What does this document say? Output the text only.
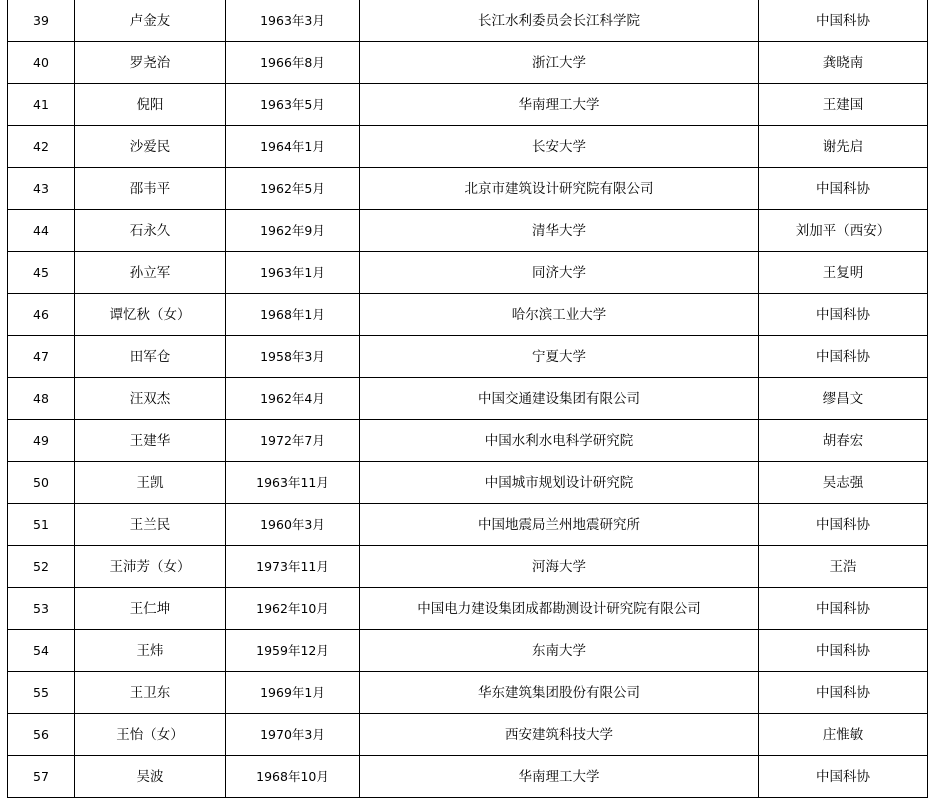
39	卢金友	1963年3月	长江水利委员会长江科学院	中国科协
40	罗尧治	1966年8月	浙江大学	龚晓南
41	倪阳	1963年5月	华南理工大学	王建国
42	沙爱民	1964年1月	长安大学	谢先启
43	邵韦平	1962年5月	北京市建筑设计研究院有限公司	中国科协
44	石永久	1962年9月	清华大学	刘加平（西安）
45	孙立军	1963年1月	同济大学	王复明
46	谭忆秋（女）	1968年1月	哈尔滨工业大学	中国科协
47	田军仓	1958年3月	宁夏大学	中国科协
48	汪双杰	1962年4月	中国交通建设集团有限公司	缪昌文
49	王建华	1972年7月	中国水利水电科学研究院	胡春宏
50	王凯	1963年11月	中国城市规划设计研究院	吴志强
51	王兰民	1960年3月	中国地震局兰州地震研究所	中国科协
52	王沛芳（女）	1973年11月	河海大学	王浩
53	王仁坤	1962年10月	中国电力建设集团成都勘测设计研究院有限公司	中国科协
54	王炜	1959年12月	东南大学	中国科协
55	王卫东	1969年1月	华东建筑集团股份有限公司	中国科协
56	王怡（女）	1970年3月	西安建筑科技大学	庄惟敏
57	吴波	1968年10月	华南理工大学	中国科协
